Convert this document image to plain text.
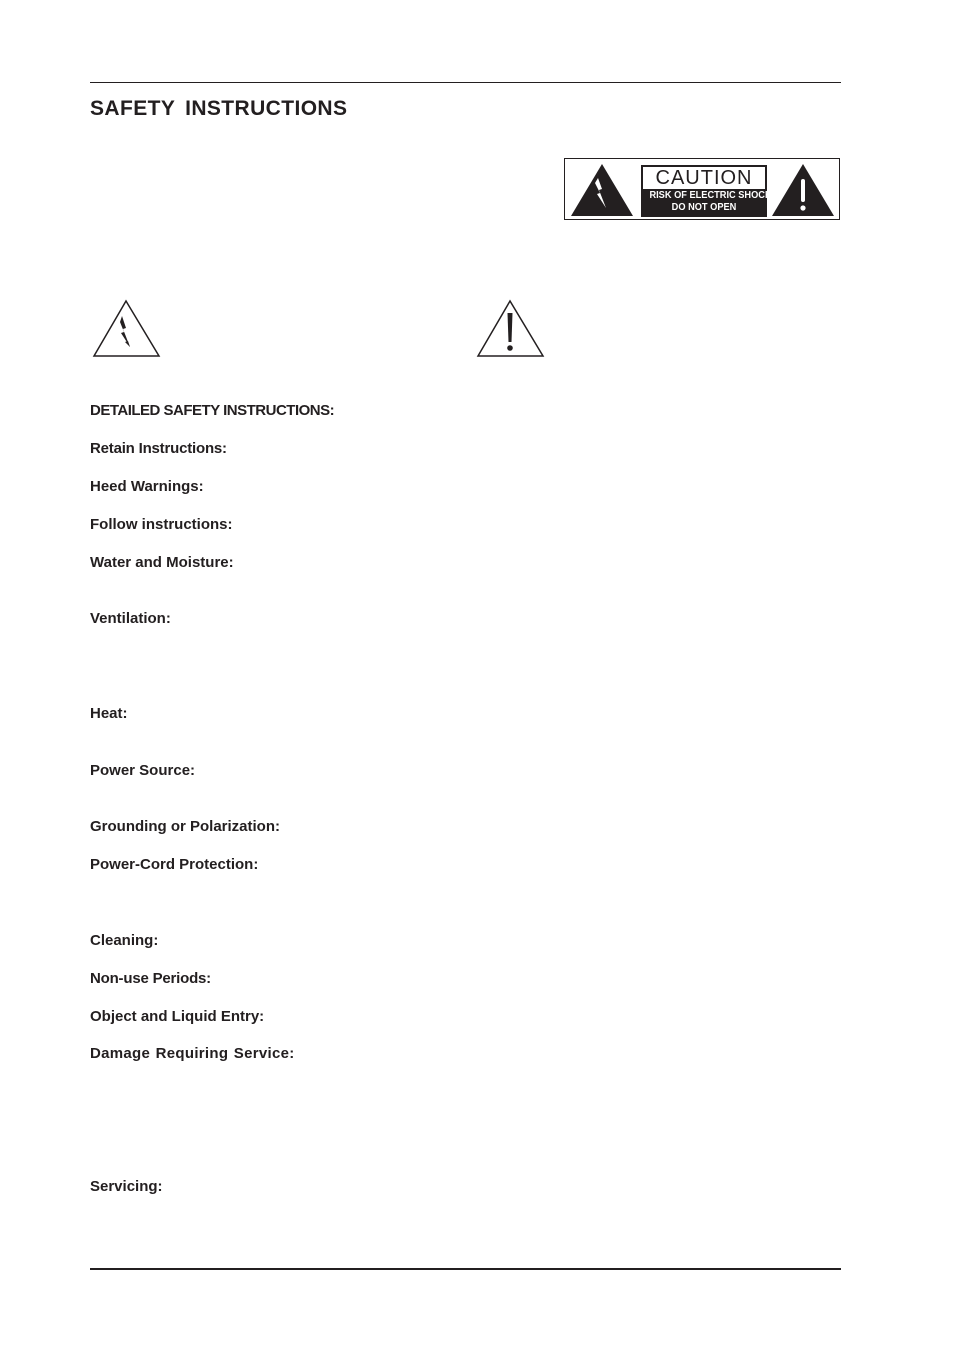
SAFETY INSTRUCTIONS
CAUTION
RISK OF ELECTRIC SHOCK
DO NOT OPEN

DETAILED SAFETY INSTRUCTIONS:

Retain Instructions:

Heed Warnings:

Follow instructions:

Water and Moisture:

Ventilation:

Heat:

Power Source:

Grounding or Polarization:

Power-Cord Protection:

Cleaning:

Non-use Periods:

Object and Liquid Entry:

Damage Requiring Service:

Servicing:
